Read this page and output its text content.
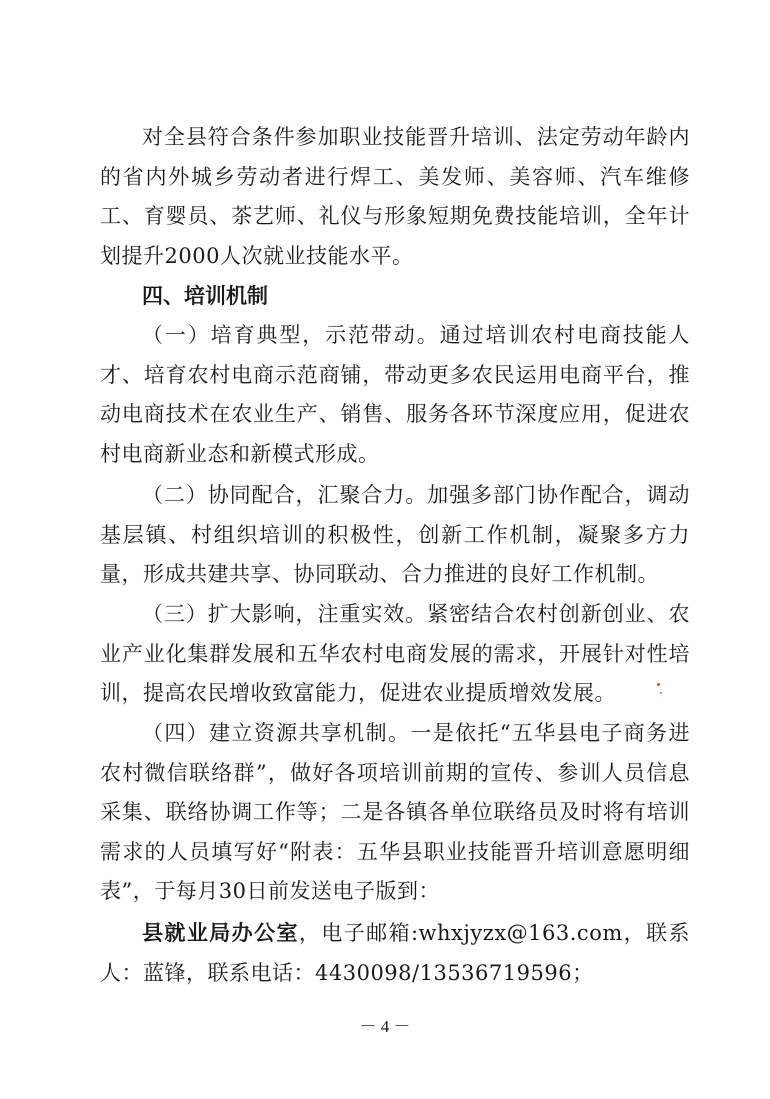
对全县符合条件参加职业技能晋升培训、法定劳动年龄内的省内外城乡劳动者进行焊工、美发师、美容师、汽车维修工、育婴员、茶艺师、礼仪与形象短期免费技能培训，全年计划提升2000人次就业技能水平。

四、培训机制

（一）培育典型，示范带动。通过培训农村电商技能人才、培育农村电商示范商铺，带动更多农民运用电商平台，推动电商技术在农业生产、销售、服务各环节深度应用，促进农村电商新业态和新模式形成。

（二）协同配合，汇聚合力。加强多部门协作配合，调动基层镇、村组织培训的积极性，创新工作机制，凝聚多方力量，形成共建共享、协同联动、合力推进的良好工作机制。

（三）扩大影响，注重实效。紧密结合农村创新创业、农业产业化集群发展和五华农村电商发展的需求，开展针对性培训，提高农民增收致富能力，促进农业提质增效发展。

（四）建立资源共享机制。一是依托“五华县电子商务进农村微信联络群”，做好各项培训前期的宣传、参训人员信息采集、联络协调工作等；二是各镇各单位联络员及时将有培训需求的人员填写好“附表：五华县职业技能晋升培训意愿明细表”，于每月30日前发送电子版到：

县就业局办公室，电子邮箱:whxjyzx@163.com，联系人：蓝锋，联系电话：4430098/13536719596；

－ 4 －
